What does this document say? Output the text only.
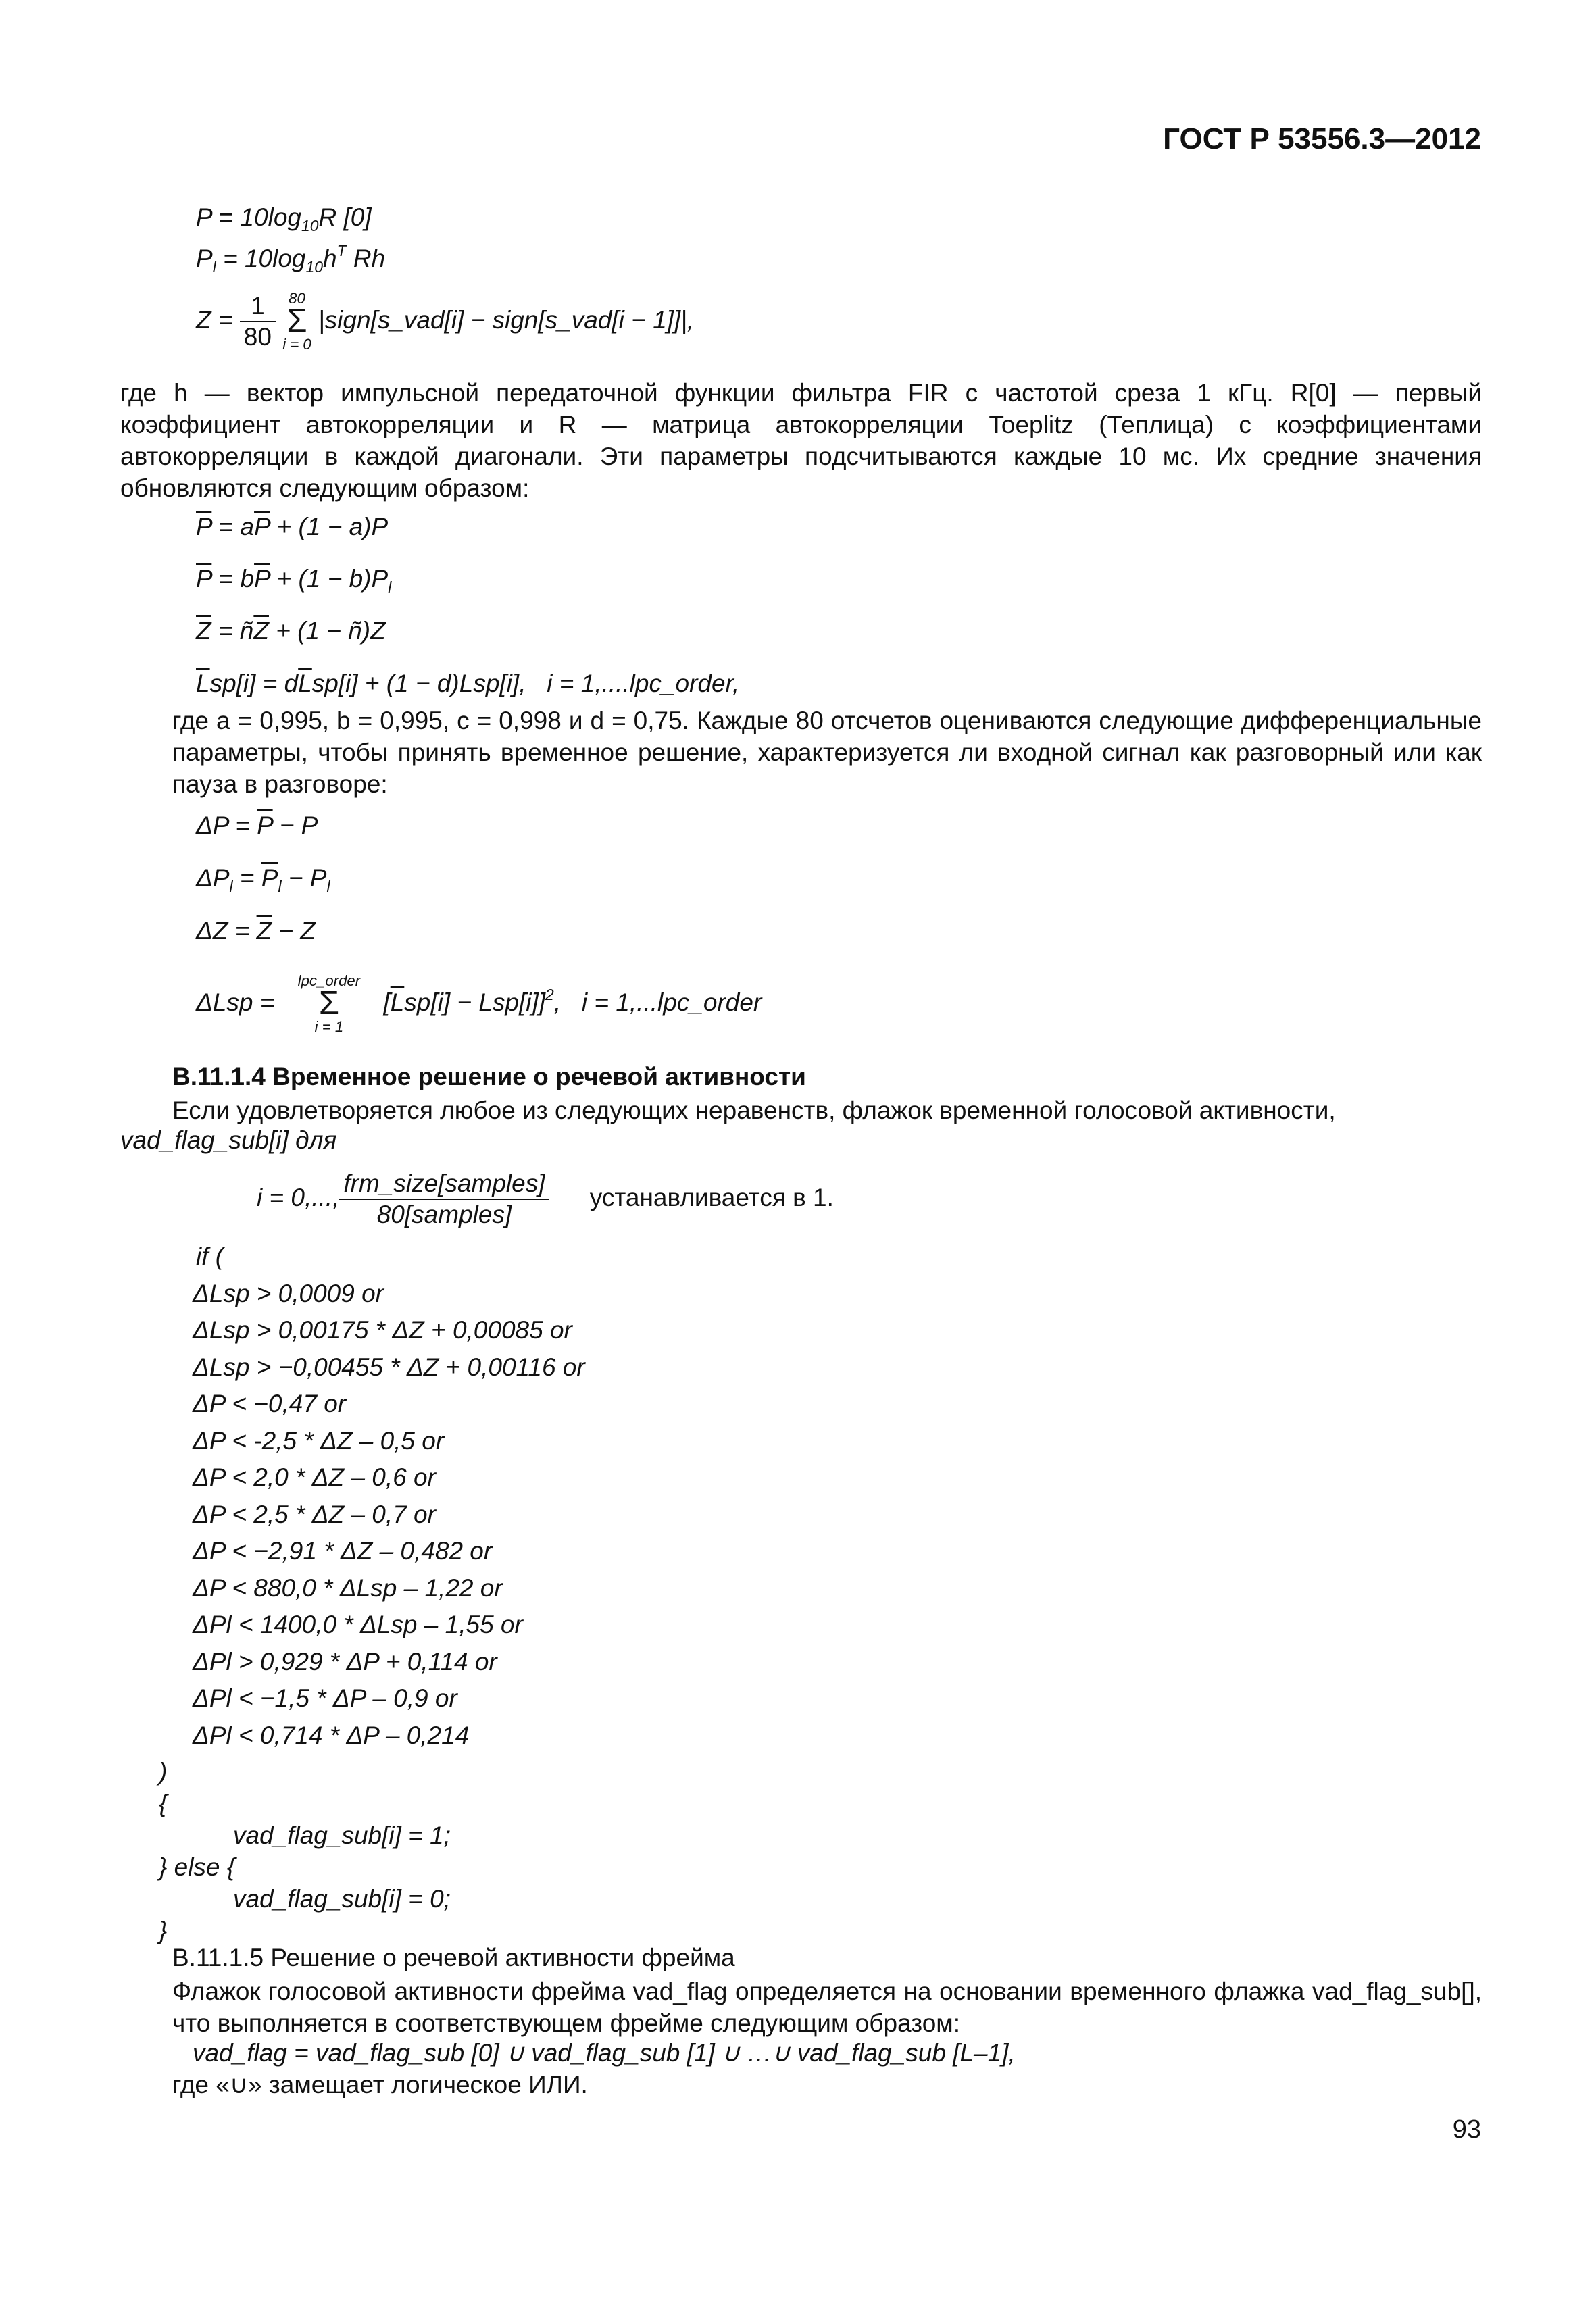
ГОСТ Р 53556.3—2012
$P = 10\log_{10}R$ [0]
$P_l = 10\log_{10}h^T$ Rh
$Z = \frac{1}{80} 80$
Σ
i = 0 |sign[s_vad[i] − sign[s_vad[i − 1]]|,
где h — вектор импульсной передаточной функции фильтра FIR с частотой среза 1 кГц. R[0] — первый коэффициент автокорреляции и R — матрица автокорреляции Toeplitz (Теплица) с коэффициентами автокорреляции в каждой диагонали. Эти параметры подсчитываются каждые 10 мс. Их средние значения обновляются следующим образом:
$\overline{P} = a\overline{P} + (1 - a)P$
$\overline{P} = b\overline{P} + (1 - b)P_l$
$\overline{Z}$ = $ñ\overline{Z} + (1$ − ñ)Z
$\overline{L}sp[i] = d\overline{L}sp[i] + (1 - d)Lsp[i]$,   i = 1,....lpc_order,
где a = 0,995, b = 0,995, c = 0,998 и d = 0,75. Каждые 80 отсчетов оцениваются следующие дифференциальные параметры, чтобы принять временное решение, характеризуется ли входной сигнал как разговорный или как пауза в разговоре:
$\Delta P = \overline{P} - P$
$\Delta P_l = \overline{P}_l - P_l$
$\Delta Z = \overline{Z} - Z$
ΔLsp = lpc_order
Σ
i = 1 $[\overline{L}sp[i] - Lsp[i]]^2$,   i = 1,...lpc_order
В.11.1.4 Временное решение о речевой активности
Если удовлетворяется любое из следующих неравенств, флажок временной голосовой активности,
vad_flag_sub[i] для
i = 0,..., $\frac{\text{frm\_size[samples]}}{\text{80[samples]}}$ устанавливается в 1.
if (
ΔLsp > 0,0009 or
ΔLsp > 0,00175 * ΔZ + 0,00085 or
ΔLsp > −0,00455 * ΔZ + 0,00116 or
ΔP < −0,47 or
ΔP < -2,5 * ΔZ – 0,5 or
ΔP < 2,0 * ΔZ – 0,6 or
ΔP < 2,5 * ΔZ – 0,7 or
ΔP < −2,91 * ΔZ – 0,482 or
ΔP < 880,0 * ΔLsp – 1,22 or
ΔPl < 1400,0 * ΔLsp – 1,55 or
ΔPl > 0,929 * ΔP + 0,114 or
ΔPl < −1,5 * ΔP – 0,9 or
ΔPl < 0,714 * ΔP – 0,214
)
{
vad_flag_sub[i] = 1;
} else {
vad_flag_sub[i] = 0;
}
В.11.1.5 Решение о речевой активности фрейма
Флажок голосовой активности фрейма vad_flag определяется на основании временного флажка vad_flag_sub[], что выполняется в соответствующем фрейме следующим образом:
vad_flag = vad_flag_sub [0] ∪ vad_flag_sub [1] ∪ …∪ vad_flag_sub [L–1],
где «∪» замещает логическое ИЛИ.
93
